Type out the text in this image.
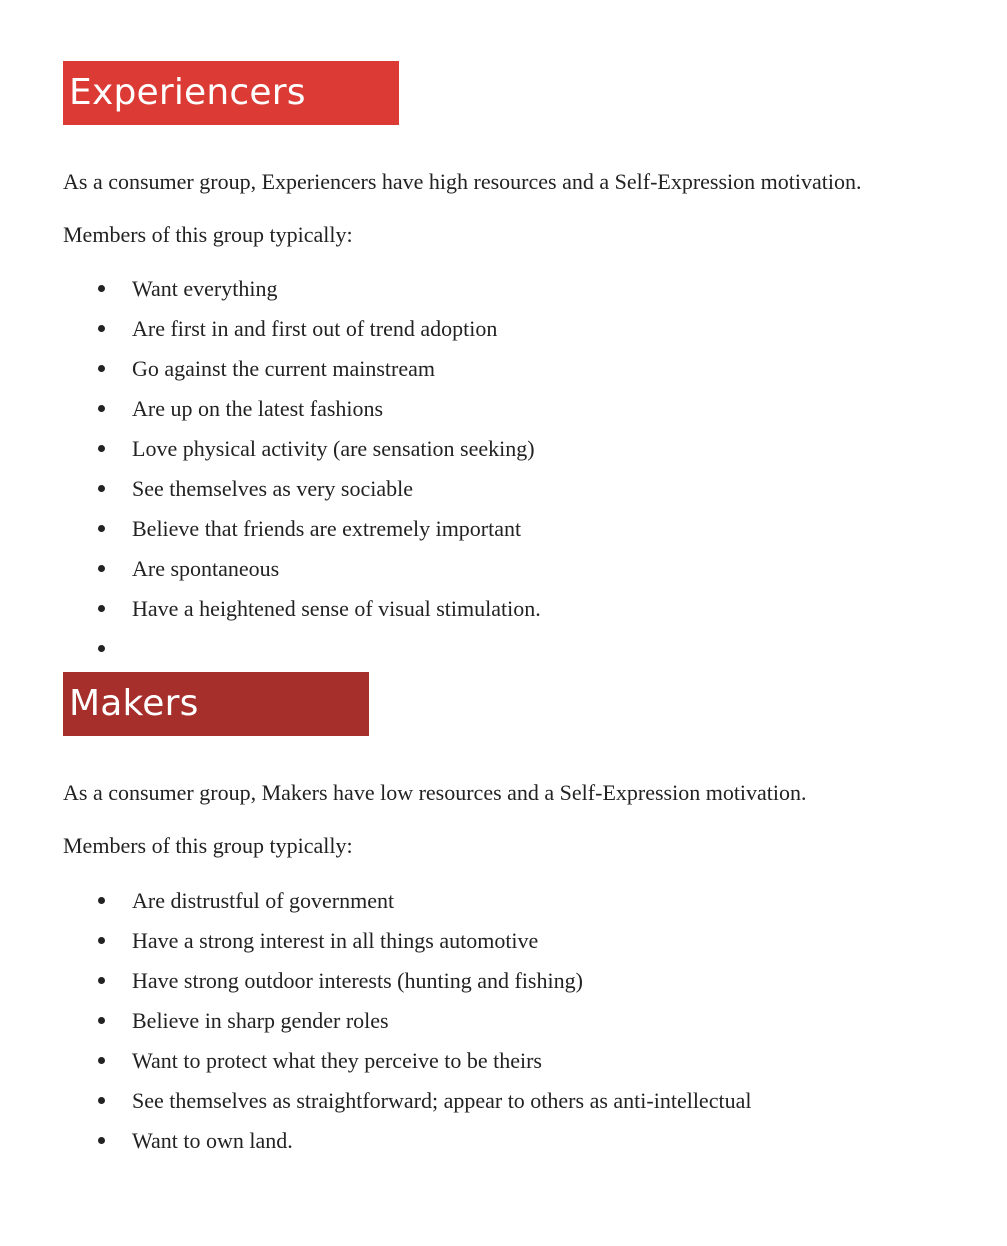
Experiencers

As a consumer group, Experiencers have high resources and a Self-Expression motivation.

Members of this group typically:

Want everything
Are first in and first out of trend adoption
Go against the current mainstream
Are up on the latest fashions
Love physical activity (are sensation seeking)
See themselves as very sociable
Believe that friends are extremely important
Are spontaneous
Have a heightened sense of visual stimulation.
Makers

As a consumer group, Makers have low resources and a Self-Expression motivation.

Members of this group typically:

Are distrustful of government
Have a strong interest in all things automotive
Have strong outdoor interests (hunting and fishing)
Believe in sharp gender roles
Want to protect what they perceive to be theirs
See themselves as straightforward; appear to others as anti-intellectual
Want to own land.
